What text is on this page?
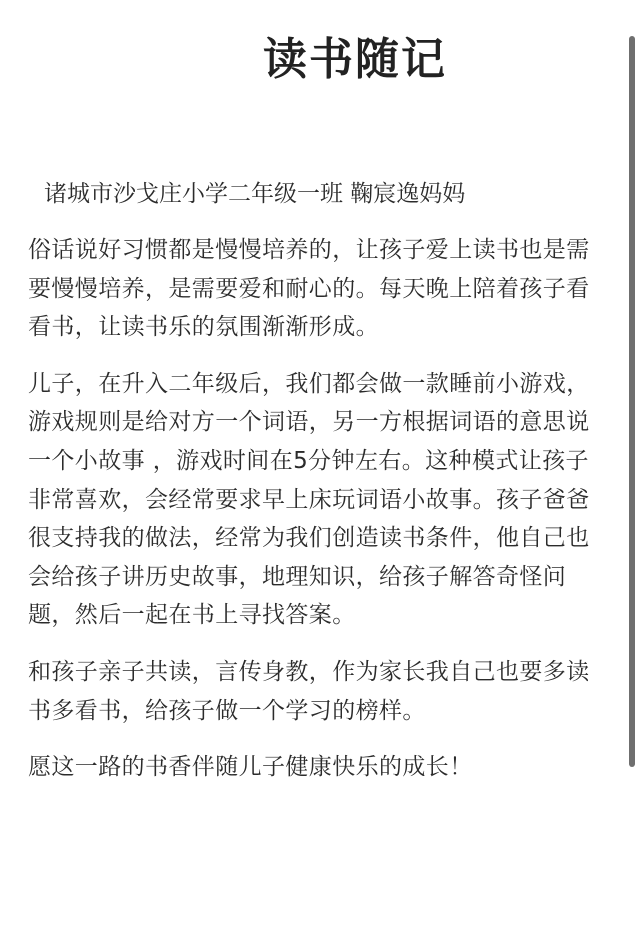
读书随记

诸城市沙戈庄小学二年级一班 鞠宸逸妈妈

俗话说好习惯都是慢慢培养的，让孩子爱上读书也是需要慢慢培养，是需要爱和耐心的。每天晚上陪着孩子看看书，让读书乐的氛围渐渐形成。

儿子，在升入二年级后，我们都会做一款睡前小游戏，游戏规则是给对方一个词语，另一方根据词语的意思说一个小故事 ，游戏时间在5分钟左右。这种模式让孩子非常喜欢，会经常要求早上床玩词语小故事。孩子爸爸很支持我的做法，经常为我们创造读书条件，他自己也会给孩子讲历史故事，地理知识，给孩子解答奇怪问题，然后一起在书上寻找答案。

和孩子亲子共读，言传身教，作为家长我自己也要多读书多看书，给孩子做一个学习的榜样。

愿这一路的书香伴随儿子健康快乐的成长！
